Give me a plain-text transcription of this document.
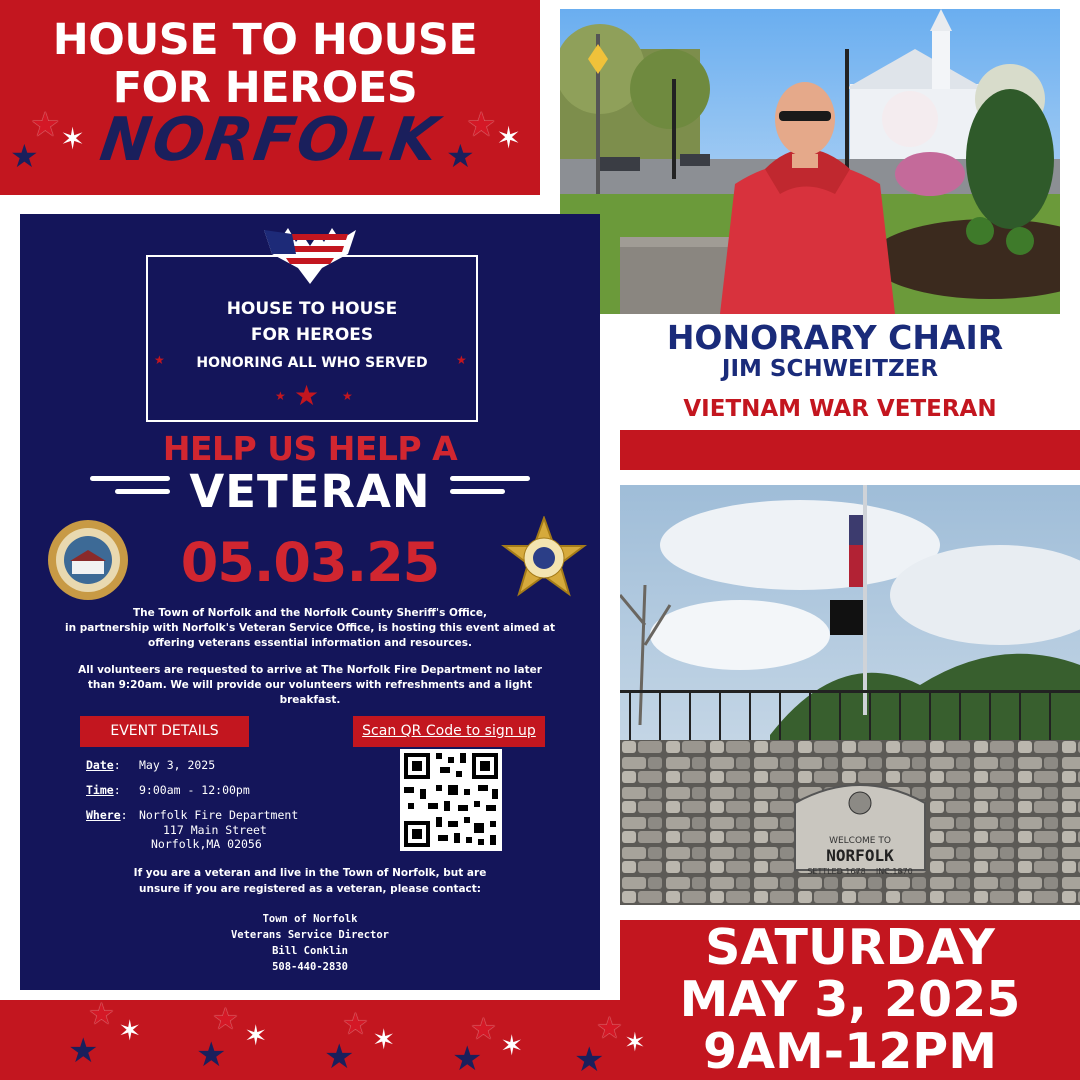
HOUSE TO HOUSE
FOR HEROES
NORFOLK
★ ✶
★
★ ✶
★
HONORARY CHAIR
JIM SCHWEITZER
VIETNAM WAR VETERAN
WELCOME TO
NORFOLK
SETTLED 1678    INC.1870
SATURDAY
MAY 3, 2025
9AM-12PM
★ ✶
★
★ ✶
★
★ ✶
★
★ ✶
★
★ ✶
★
HOUSE TO HOUSE
FOR HEROES
HONORING ALL WHO SERVED
★	★
★ ★ ★
HELP US HELP A
VETERAN
05.03.25
The Town of Norfolk and the Norfolk County Sheriff's Office,
in partnership with Norfolk's Veteran Service Office, is hosting this event aimed at
offering veterans essential information and resources.
All volunteers are requested to arrive at The Norfolk Fire Department no later
than 9:20am. We will provide our volunteers with refreshments and a light
breakfast.
EVENT DETAILS	Scan QR Code to sign up
Date: May 3, 2025
Time: 9:00am - 12:00pm
Where: Norfolk Fire Department
117 Main Street
Norfolk,MA 02056
If you are a veteran and live in the Town of Norfolk, but are
unsure if you are registered as a veteran, please contact:
Town of Norfolk
Veterans Service Director
Bill Conklin
508-440-2830
